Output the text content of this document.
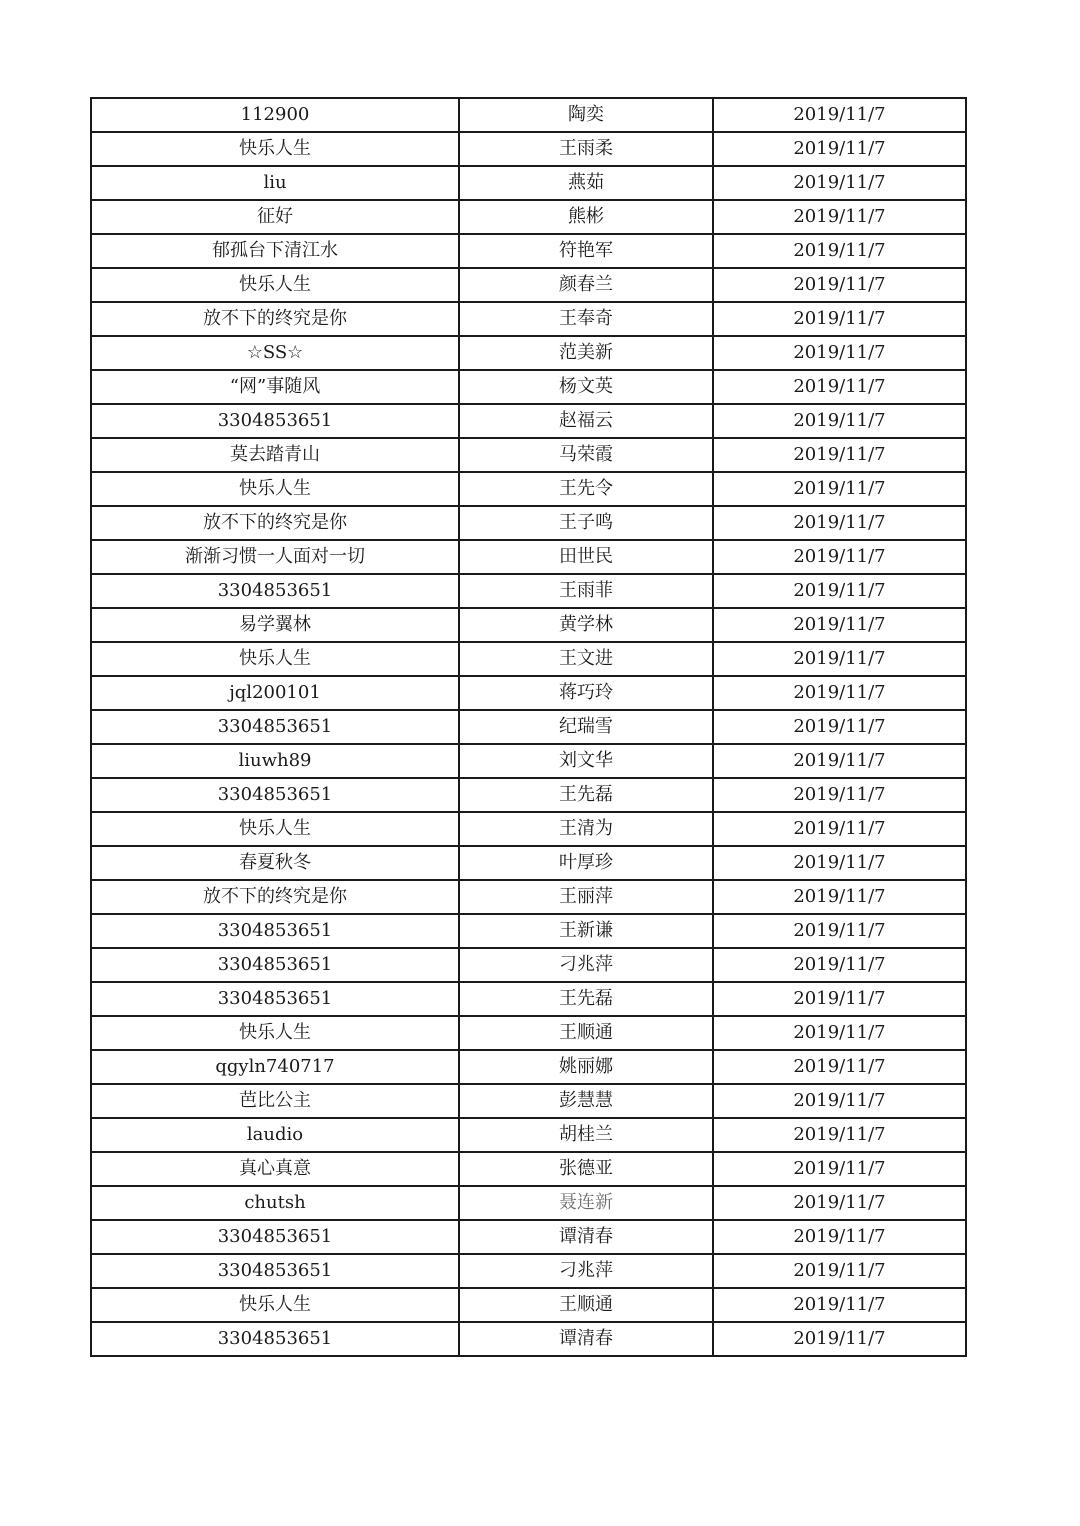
112900	陶奕	2019/11/7
快乐人生	王雨柔	2019/11/7
liu	燕茹	2019/11/7
征好	熊彬	2019/11/7
郁孤台下清江水	符艳军	2019/11/7
快乐人生	颜春兰	2019/11/7
放不下的终究是你	王奉奇	2019/11/7
☆SS☆	范美新	2019/11/7
“网”事随风	杨文英	2019/11/7
3304853651	赵福云	2019/11/7
莫去踏青山	马荣霞	2019/11/7
快乐人生	王先令	2019/11/7
放不下的终究是你	王子鸣	2019/11/7
渐渐习惯一人面对一切	田世民	2019/11/7
3304853651	王雨菲	2019/11/7
易学翼林	黄学林	2019/11/7
快乐人生	王文进	2019/11/7
jql200101	蒋巧玲	2019/11/7
3304853651	纪瑞雪	2019/11/7
liuwh89	刘文华	2019/11/7
3304853651	王先磊	2019/11/7
快乐人生	王清为	2019/11/7
春夏秋冬	叶厚珍	2019/11/7
放不下的终究是你	王丽萍	2019/11/7
3304853651	王新谦	2019/11/7
3304853651	刁兆萍	2019/11/7
3304853651	王先磊	2019/11/7
快乐人生	王顺通	2019/11/7
qgyln740717	姚丽娜	2019/11/7
芭比公主	彭慧慧	2019/11/7
laudio	胡桂兰	2019/11/7
真心真意	张德亚	2019/11/7
chutsh	聂连新	2019/11/7
3304853651	谭清春	2019/11/7
3304853651	刁兆萍	2019/11/7
快乐人生	王顺通	2019/11/7
3304853651	谭清春	2019/11/7
